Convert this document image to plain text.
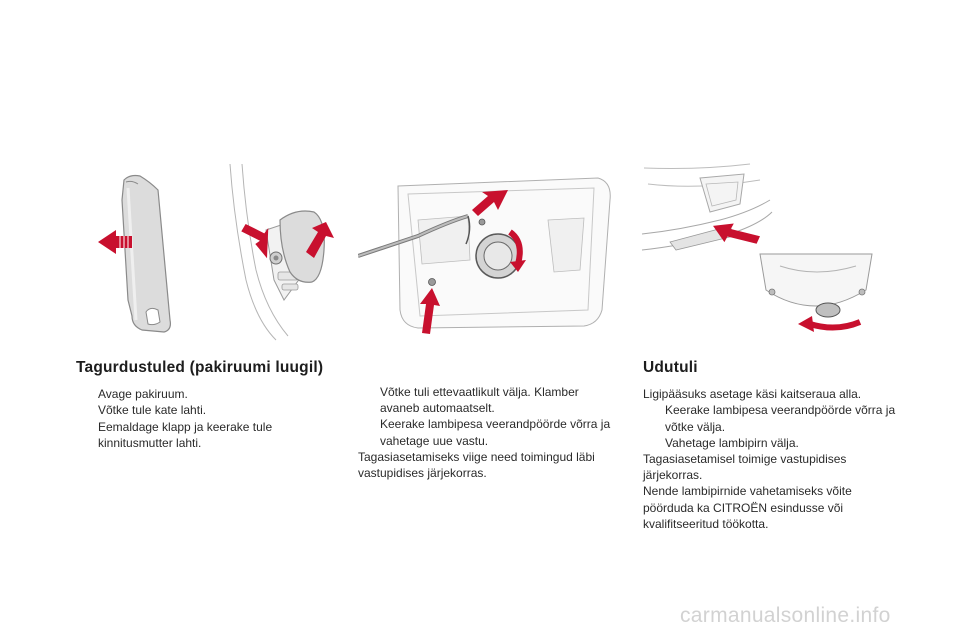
Tagurdustuled (pakiruumi luugil)
Avage pakiruum.
Võtke tule kate lahti.
Eemaldage klapp ja keerake tule kinnitusmutter lahti.
Võtke tuli ettevaatlikult välja. Klamber avaneb automaatselt.
Keerake lambipesa veerandpöörde võrra ja vahetage uue vastu.
Tagasiasetamiseks viige need toimingud läbi vastupidises järjekorras.
Udutuli
Ligipääsuks asetage käsi kaitseraua alla.
Keerake lambipesa veerandpöörde võrra ja võtke välja.
Vahetage lambipirn välja.
Tagasiasetamisel toimige vastupidises järjekorras.
Nende lambipirnide vahetamiseks võite pöörduda ka CITROËN esindusse või kvalifitseeritud töökotta.
carmanualsonline.info
